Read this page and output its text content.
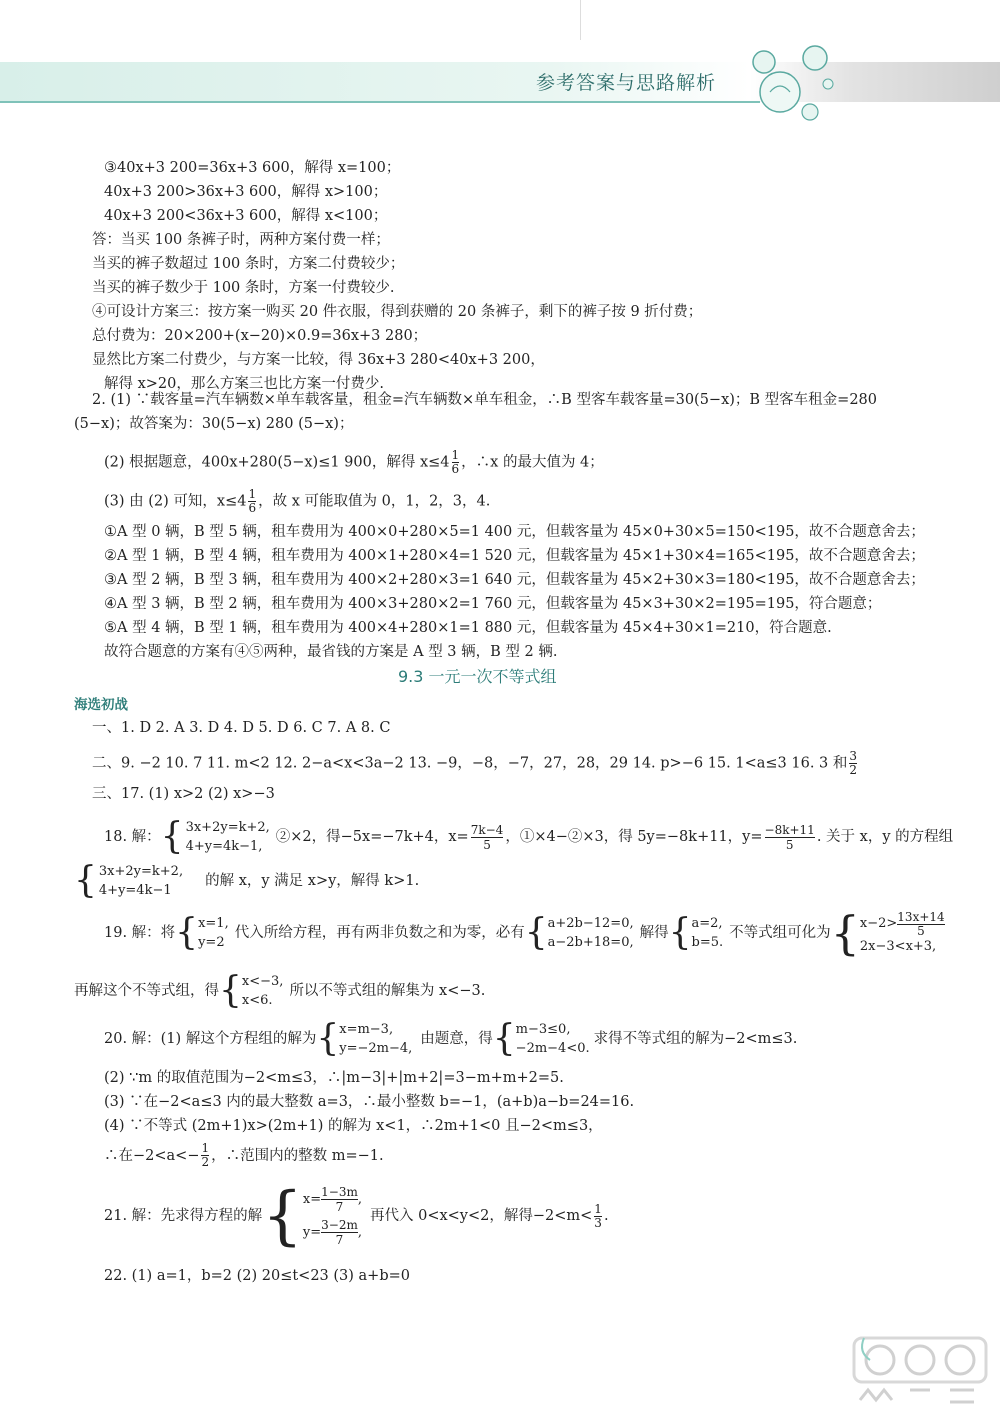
参考答案与思路解析
③40x+3 200=36x+3 600，解得 x=100；
40x+3 200>36x+3 600，解得 x>100；
40x+3 200<36x+3 600，解得 x<100；
答：当买 100 条裤子时，两种方案付费一样；
当买的裤子数超过 100 条时，方案二付费较少；
当买的裤子数少于 100 条时，方案一付费较少.
④可设计方案三：按方案一购买 20 件衣服，得到获赠的 20 条裤子，剩下的裤子按 9 折付费；
总付费为：20×200+(x−20)×0.9=36x+3 280；
显然比方案二付费少，与方案一比较，得 36x+3 280<40x+3 200，
解得 x>20，那么方案三也比方案一付费少.
2. (1) ∵载客量=汽车辆数×单车载客量，租金=汽车辆数×单车租金，∴B 型客车载客量=30(5−x)；B 型客车租金=280
(5−x)；故答案为：30(5−x) 280 (5−x)；
(2) 根据题意，400x+280(5−x)≤1 900，解得 $x\le 4 \frac{1}{6}$ ，∴x 的最大值为 4；
(3) 由 (2) 可知，$x\le 4 \frac{1}{6}$ ，故 x 可能取值为 0，1，2，3，4.
①A 型 0 辆，B 型 5 辆，租车费用为 400×0+280×5=1 400 元，但载客量为 45×0+30×5=150<195，故不合题意舍去；
②A 型 1 辆，B 型 4 辆，租车费用为 400×1+280×4=1 520 元，但载客量为 45×1+30×4=165<195，故不合题意舍去；
③A 型 2 辆，B 型 3 辆，租车费用为 400×2+280×3=1 640 元，但载客量为 45×2+30×3=180<195，故不合题意舍去；
④A 型 3 辆，B 型 2 辆，租车费用为 400×3+280×2=1 760 元，但载客量为 45×3+30×2=195=195，符合题意；
⑤A 型 4 辆，B 型 1 辆，租车费用为 400×4+280×1=1 880 元，但载客量为 45×4+30×1=210，符合题意.
故符合题意的方案有④⑤两种，最省钱的方案是 A 型 3 辆，B 型 2 辆.
9.3 一元一次不等式组
海选初战
一、1. D 2. A 3. D 4. D 5. D 6. C 7. A 8. C
二、9. −2 10. 7 11. m<2 12. 2−a<x<3a−2 13. −9，−8，−7，27，28，29 14. p>−6 15. 1<a≤3 16. 3 和 $\frac{3}{2}$
三、17. (1) x>2 (2) x>−3
18. 解： { 3x+2y=k+2,
4+y=4k−1,
②×2，得−5x=−7k+4，$x= \frac{7k-4}{5}$ ，①×4−②×3，得 5y=−8k+11，$y= \frac{-8k+11}{5}$ . 关于 x，y 的方程组
{ 3x+2y=k+2,
4+y=4k−1
的解 x，y 满足 x>y，解得 k>1.
19. 解：将 { x=1,
y=2
代入所给方程，再有两非负数之和为零，必有 { a+2b−12=0,
a−2b+18=0,
解得 { a=2,
b=5.
不等式组可化为 { $x-2> \frac{13x+14}{5}$
2x−3<x+3,
再解这个不等式组，得 { x<−3,
x<6.
所以不等式组的解集为 x<−3.
20. 解：(1) 解这个方程组的解为 { x=m−3,
y=−2m−4,
由题意，得 { m−3≤0,
−2m−4<0.
求得不等式组的解为−2<m≤3.
(2) ∵m 的取值范围为−2<m≤3，∴|m−3|+|m+2|=3−m+m+2=5.
(3) ∵在−2<a≤3 内的最大整数 a=3，∴最小整数 b=−1，(a+b)a−b=24=16.
(4) ∵不等式 (2m+1)x>(2m+1) 的解为 x<1，∴2m+1<0 且−2<m≤3，
∴在$-2<a<- \frac{1}{2}$ ，∴范围内的整数 m=−1.
21. 解：先求得方程的解 { $x= \frac{1-3m}{7}$ ,
$y= \frac{3-2m}{7}$ ,
再代入 0<x<y<2，解得$-2<m< \frac{1}{3}$ .
22. (1) a=1，b=2 (2) 20≤t<23 (3) a+b=0
